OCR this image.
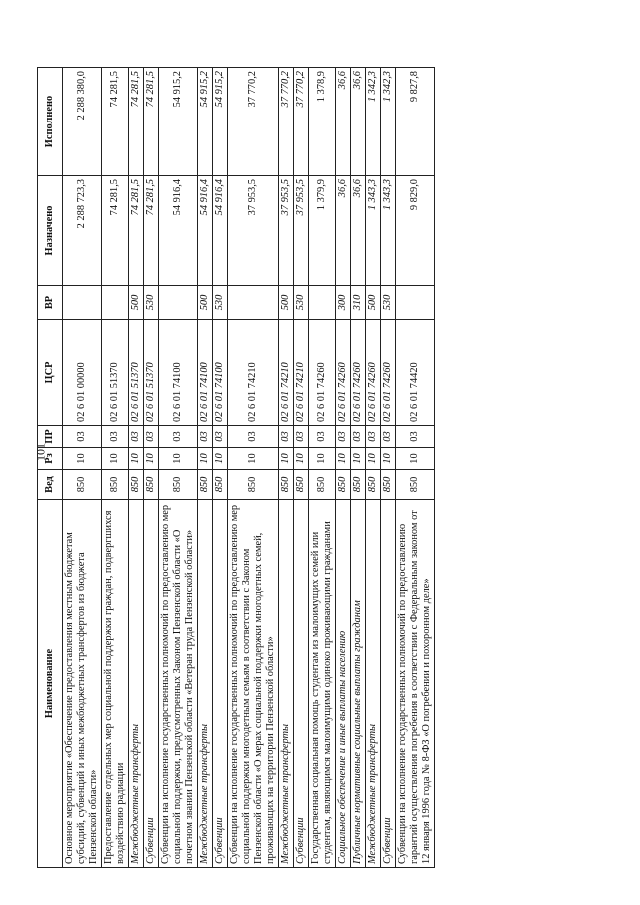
101
Наименование	Вед	Рз	ПР	ЦСР	ВР	Назначено	Исполнено
Основное мероприятие «Обеспечение предоставления местным бюджетам субсидий, субвенций и иных межбюджетных трансфертов из бюджета Пензенской области»	850	10	03	02 6 01 00000		2 288 723,3	2 288 380,0
Предоставление отдельных мер социальной поддержки граждан, подвергшихся воздействию радиации	850	10	03	02 6 01 51370		74 281,5	74 281,5
Межбюджетные трансферты	850	10	03	02 6 01 51370	500	74 281,5	74 281,5
Субвенции	850	10	03	02 6 01 51370	530	74 281,5	74 281,5
Субвенции на исполнение государственных полномочий по предоставлению мер социальной поддержки, предусмотренных Законом Пензенской области «О почетном звании Пензенской области «Ветеран труда Пензенской области»	850	10	03	02 6 01 74100		54 916,4	54 915,2
Межбюджетные трансферты	850	10	03	02 6 01 74100	500	54 916,4	54 915,2
Субвенции	850	10	03	02 6 01 74100	530	54 916,4	54 915,2
Субвенции на исполнение государственных полномочий по предоставлению мер социальной поддержки многодетным семьям в соответствии с Законом Пензенской области «О мерах социальной поддержки многодетных семей, проживающих на территории Пензенской области»	850	10	03	02 6 01 74210		37 953,5	37 770,2
Межбюджетные трансферты	850	10	03	02 6 01 74210	500	37 953,5	37 770,2
Субвенции	850	10	03	02 6 01 74210	530	37 953,5	37 770,2
Государственная социальная помощь студентам из малоимущих семей или студентам, являющимся малоимущими одиноко проживающими гражданами	850	10	03	02 6 01 74260		1 379,9	1 378,9
Социальное обеспечение и иные выплаты населению	850	10	03	02 6 01 74260	300	36,6	36,6
Публичные нормативные социальные выплаты гражданам	850	10	03	02 6 01 74260	310	36,6	36,6
Межбюджетные трансферты	850	10	03	02 6 01 74260	500	1 343,3	1 342,3
Субвенции	850	10	03	02 6 01 74260	530	1 343,3	1 342,3
Субвенции на исполнение государственных полномочий по предоставлению гарантий осуществления погребения в соответствии с Федеральным законом от 12 января 1996 года № 8-ФЗ «О погребении и похоронном деле»	850	10	03	02 6 01 74420		9 829,0	9 827,8
